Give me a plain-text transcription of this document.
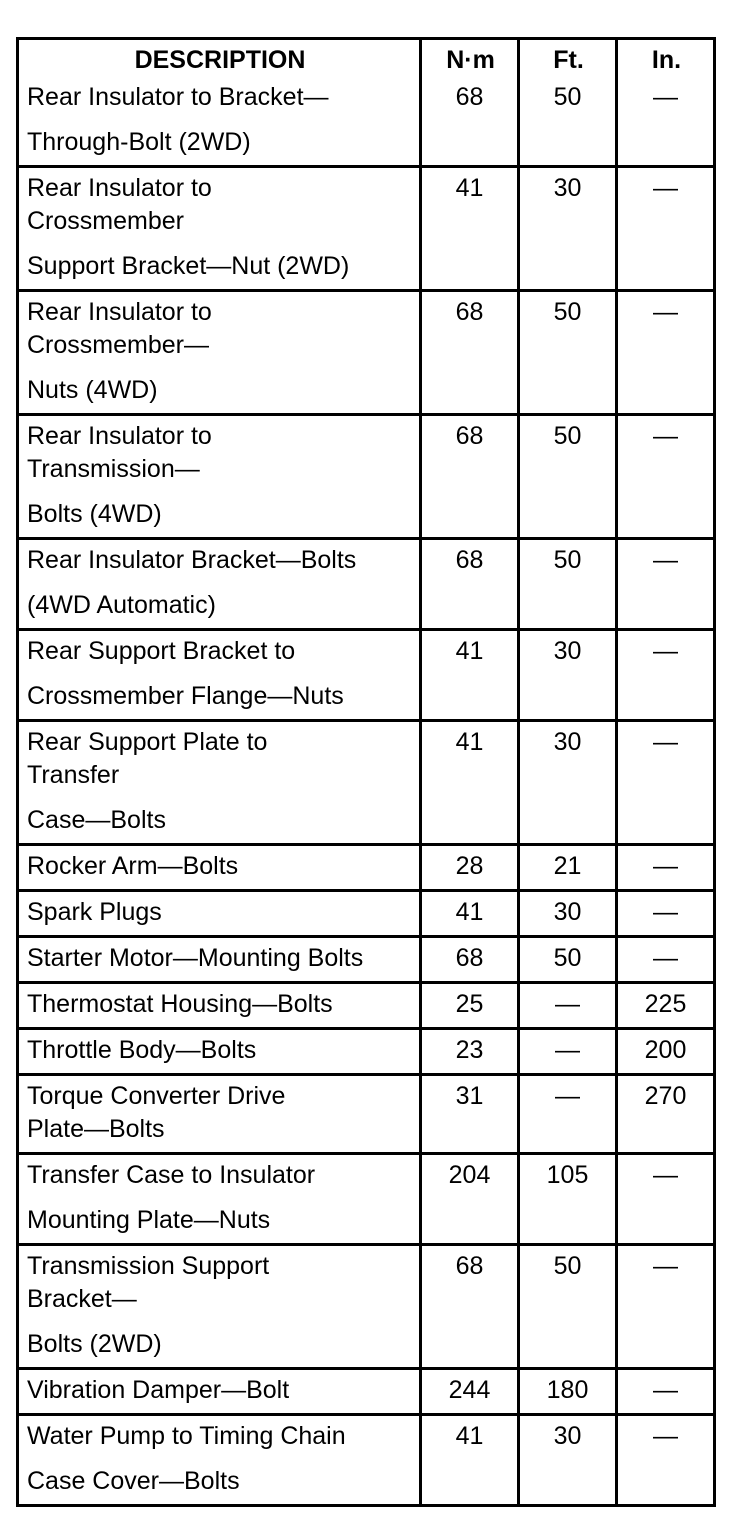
DESCRIPTION	N·m	Ft.	In.

Rear Insulator to Bracket—
Through-Bolt (2WD)	68	50	—

Rear Insulator to
Crossmember
Support Bracket—Nut (2WD)	41	30	—

Rear Insulator to
Crossmember—
Nuts (4WD)	68	50	—

Rear Insulator to
Transmission—
Bolts (4WD)	68	50	—

Rear Insulator Bracket—Bolts
(4WD Automatic)	68	50	—

Rear Support Bracket to
Crossmember Flange—Nuts	41	30	—

Rear Support Plate to
Transfer
Case—Bolts	41	30	—

Rocker Arm—Bolts	28	21	—

Spark Plugs	41	30	—

Starter Motor—Mounting Bolts	68	50	—

Thermostat Housing—Bolts	25	—	225

Throttle Body—Bolts	23	—	200

Torque Converter Drive
Plate—Bolts	31	—	270

Transfer Case to Insulator
Mounting Plate—Nuts	204	105	—

Transmission Support
Bracket—
Bolts (2WD)	68	50	—

Vibration Damper—Bolt	244	180	—

Water Pump to Timing Chain
Case Cover—Bolts	41	30	—
